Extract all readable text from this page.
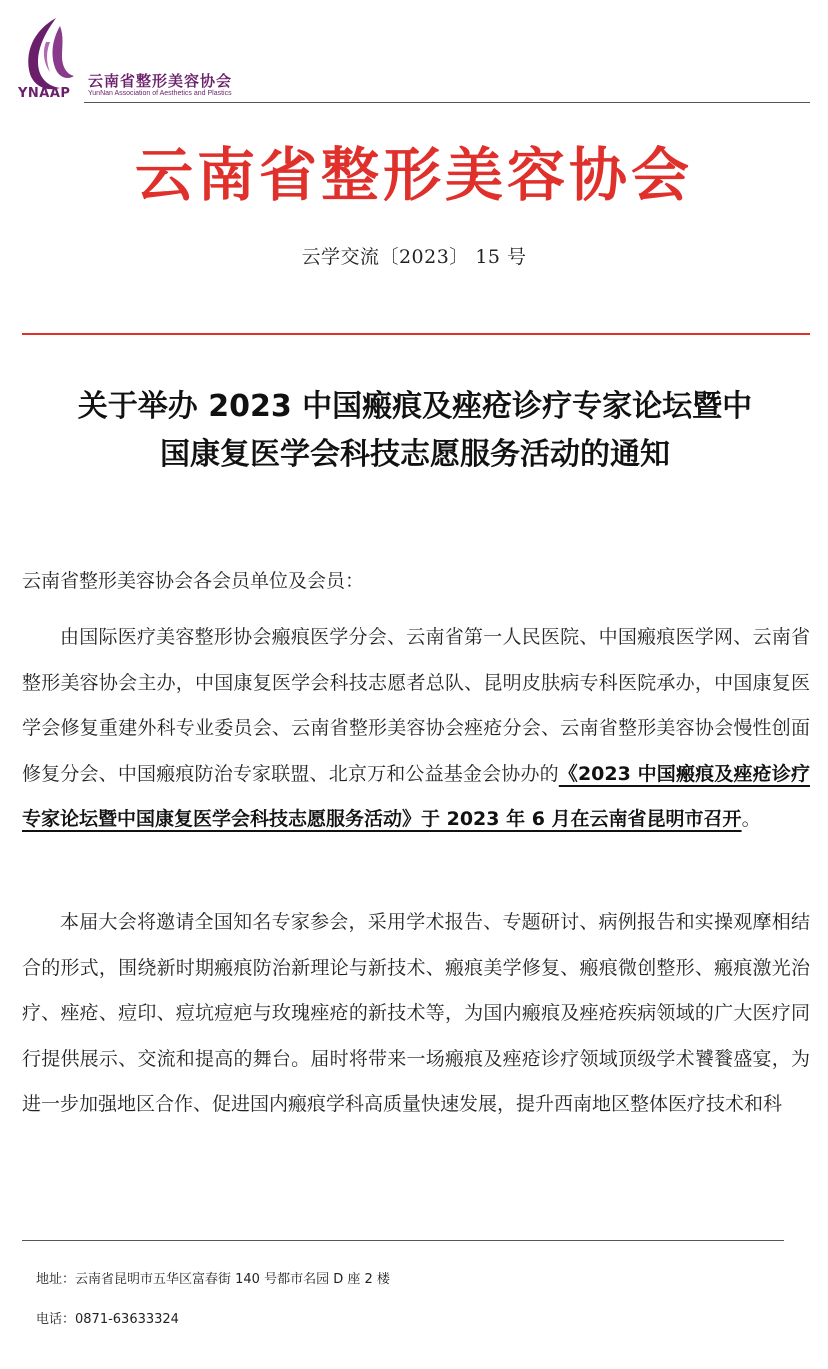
YNAAP
云南省整形美容协会
YunNan Association of Aesthetics and Plastics
云南省整形美容协会
云学交流〔2023〕 15 号
关于举办 2023 中国瘢痕及痤疮诊疗专家论坛暨中
国康复医学会科技志愿服务活动的通知
云南省整形美容协会各会员单位及会员：

由国际医疗美容整形协会瘢痕医学分会、云南省第一人民医院、中国瘢痕医学网、云南省整形美容协会主办，中国康复医学会科技志愿者总队、昆明皮肤病专科医院承办，中国康复医学会修复重建外科专业委员会、云南省整形美容协会痤疮分会、云南省整形美容协会慢性创面修复分会、中国瘢痕防治专家联盟、北京万和公益基金会协办的《2023 中国瘢痕及痤疮诊疗专家论坛暨中国康复医学会科技志愿服务活动》于 2023 年 6 月在云南省昆明市召开。

本届大会将邀请全国知名专家参会，采用学术报告、专题研讨、病例报告和实操观摩相结合的形式，围绕新时期瘢痕防治新理论与新技术、瘢痕美学修复、瘢痕微创整形、瘢痕激光治疗、痤疮、痘印、痘坑痘疤与玫瑰痤疮的新技术等，为国内瘢痕及痤疮疾病领域的广大医疗同行提供展示、交流和提高的舞台。届时将带来一场瘢痕及痤疮诊疗领域顶级学术饕餮盛宴，为进一步加强地区合作、促进国内瘢痕学科高质量快速发展，提升西南地区整体医疗技术和科

地址：云南省昆明市五华区富春街 140 号都市名园 D 座 2 楼
电话：0871-63633324
